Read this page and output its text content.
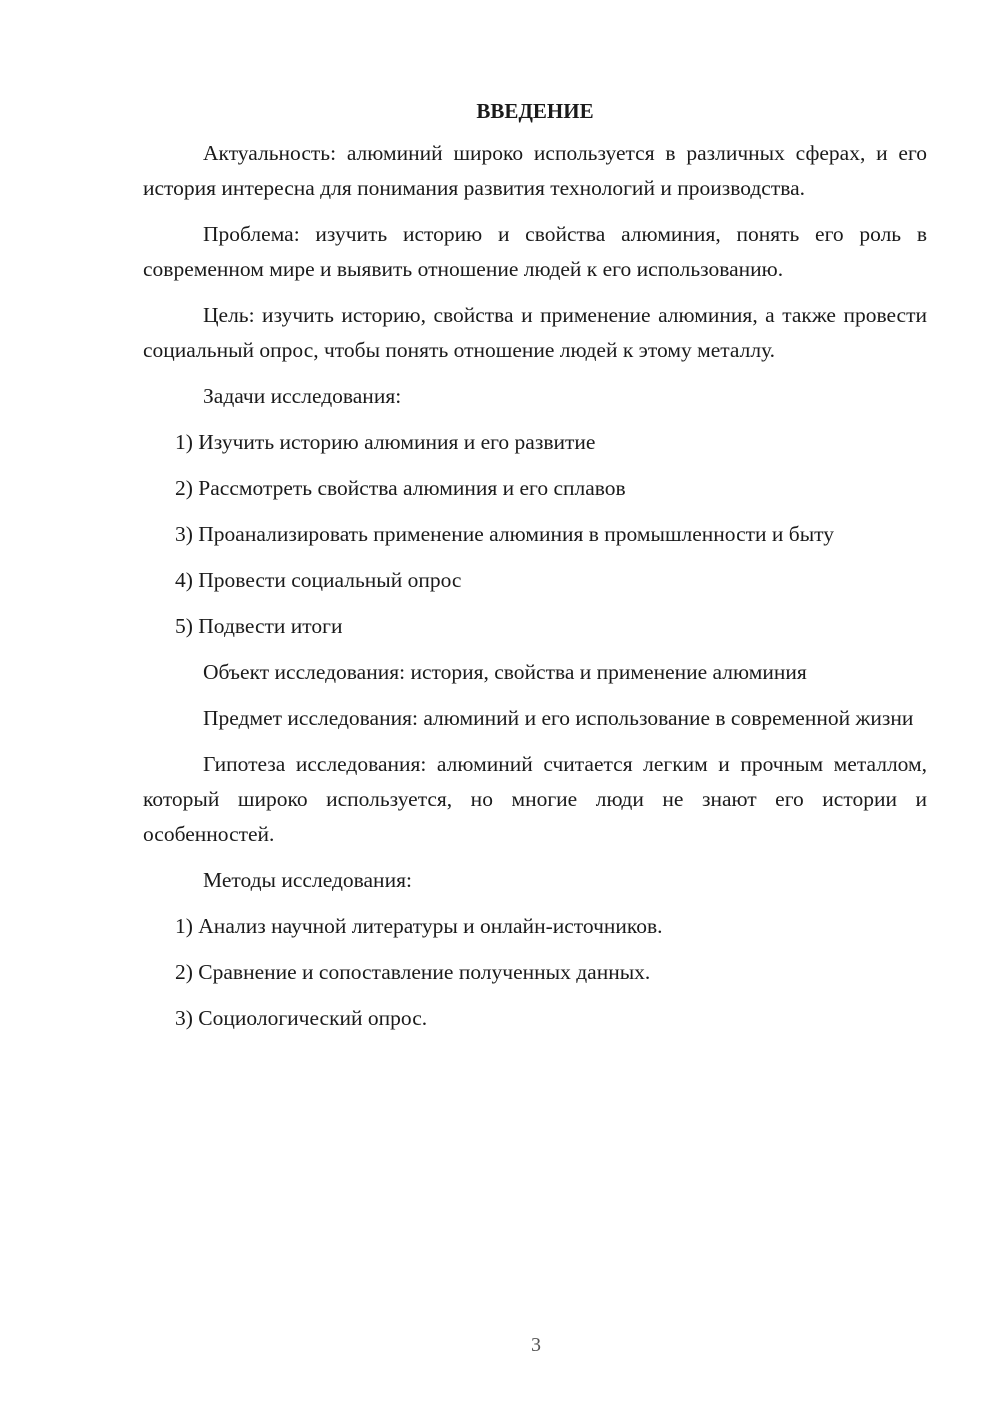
ВВЕДЕНИЕ

Актуальность: алюминий широко используется в различных сферах, и его история интересна для понимания развития технологий и производства.

Проблема: изучить историю и свойства алюминия, понять его роль в современном мире и выявить отношение людей к его использованию.

Цель: изучить историю, свойства и применение алюминия, а также провести социальный опрос, чтобы понять отношение людей к этому металлу.

Задачи исследования:

1) Изучить историю алюминия и его развитие

2) Рассмотреть свойства алюминия и его сплавов

3) Проанализировать применение алюминия в промышленности и быту

4) Провести социальный опрос

5) Подвести итоги

Объект исследования: история, свойства и применение алюминия

Предмет исследования: алюминий и его использование в современной жизни

Гипотеза исследования: алюминий считается легким и прочным металлом, который широко используется, но многие люди не знают его истории и особенностей.

Методы исследования:

1) Анализ научной литературы и онлайн-источников.

2) Сравнение и сопоставление полученных данных.

3) Социологический опрос.

3
